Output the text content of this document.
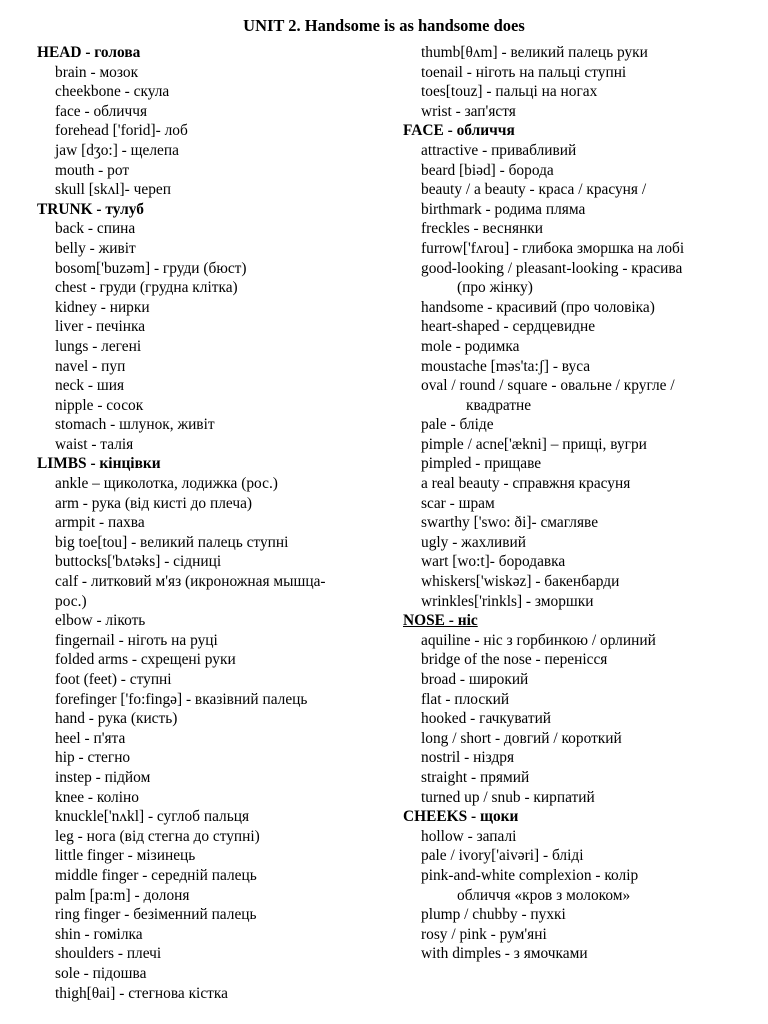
UNIT 2. Handsome is as handsome does
HEAD - голова
brain - мозок
cheekbone - скула
face - обличчя
forehead ['forid]- лоб
jaw [dʒo:] - щелепа
mouth - рот
skull [skʌl]- череп
TRUNK - тулуб
back - спина
belly - живіт
bosom['buzəm] - груди (бюст)
chest - груди (грудна клітка)
kidney - нирки
liver - печінка
lungs - легені
navel - пуп
neck - шия
nipple - сосок
stomach - шлунок, живіт
waist - талія
LIMBS - кінцівки
ankle – щиколотка, лодижка (рос.)
arm - рука (від кисті до плеча)
armpit - пахва
big toe[tou] - великий палець ступні
buttocks['bʌtəks] - сідниці
calf - литковий м'яз (икроножная мышца-
рос.)
elbow - лікоть
fingernail - ніготь на руці
folded arms - схрещені руки
foot (feet) - ступні
forefinger ['fo:fingə] - вказівний палець
hand - рука (кисть)
heel - п'ята
hip - стегно
instep - підйом
knee - коліно
knuckle['nʌkl] - суглоб пальця
leg - нога (від стегна до ступні)
little finger - мізинець
middle finger - середній палець
palm [pa:m] - долоня
ring finger - безіменний палець
shin - гомілка
shoulders - плечі
sole - підошва
thigh[θai] - стегнова кістка
thumb[θʌm] - великий палець руки
toenail - ніготь на пальці ступні
toes[touz] - пальці на ногах
wrist - зап'ястя
FACE - обличчя
attractive - привабливий
beard [biəd] - борода
beauty / a beauty - краса / красуня /
birthmark - родима пляма
freckles - веснянки
furrow['fʌrou] - глибока зморшка на лобі
good-looking / pleasant-looking - красива
(про жінку)
handsome - красивий (про чоловіка)
heart-shaped - сердцевидне
mole - родимка
moustache [məs'ta:ʃ] - вуса
oval / round / square - овальне / кругле /
квадратне
pale - бліде
pimple / acne['ækni] – прищі, вугри
pimpled - прищаве
a real beauty - справжня красуня
scar - шрам
swarthy ['swo: ði]- смагляве
ugly - жахливий
wart [wo:t]- бородавка
whiskers['wiskəz] - бакенбарди
wrinkles['rinkls] - зморшки
NOSE - ніс
aquiline - ніс з горбинкою / орлиний
bridge of the nose - перенісся
broad - широкий
flat - плоский
hooked - гачкуватий
long / short - довгий / короткий
nostril - ніздря
straight - прямий
turned up / snub - кирпатий
CHEEKS - щоки
hollow - запалі
pale / ivory['aivəri] - бліді
pink-and-white complexion - колір
обличчя «кров з молоком»
plump / chubby - пухкі
rosy / pink - рум'яні
with dimples - з ямочками
